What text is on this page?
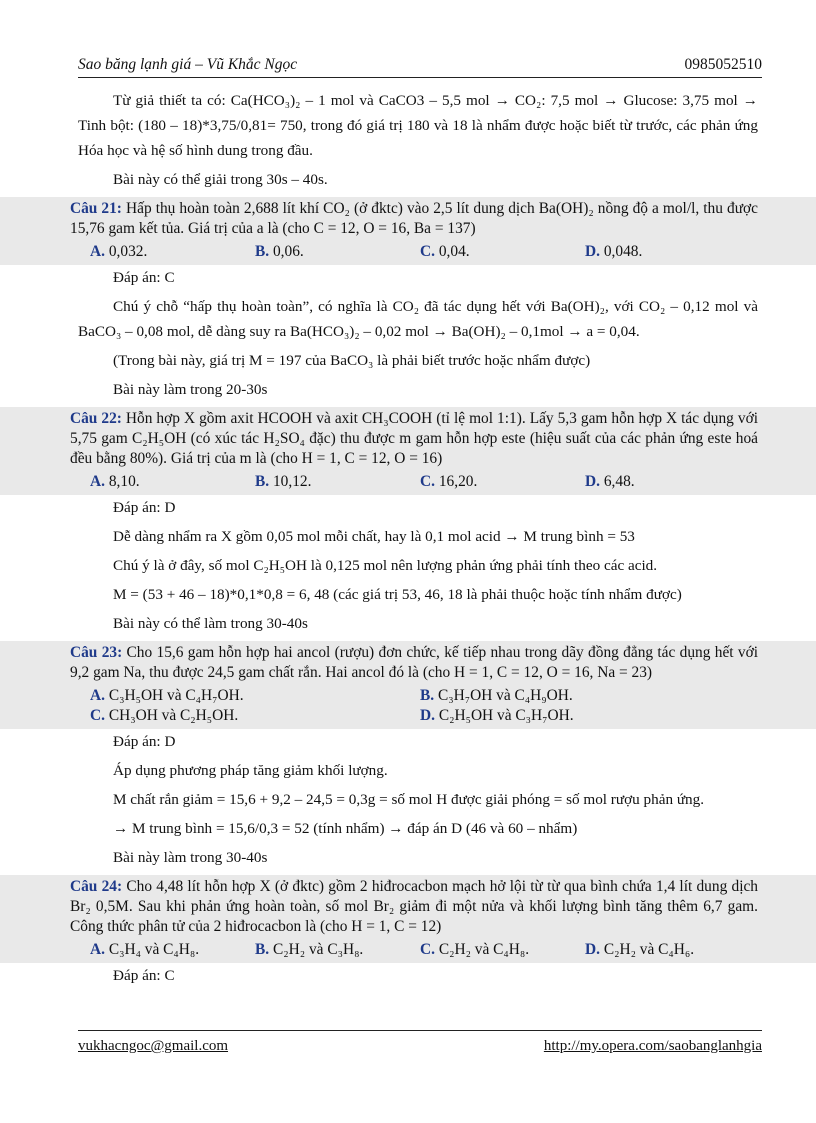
Sao băng lạnh giá – Vũ Khắc Ngọc	0985052510

Từ giả thiết ta có: Ca(HCO₃)₂ – 1 mol và CaCO3 – 5,5 mol → CO₂: 7,5 mol → Glucose: 3,75 mol → Tinh bột: (180 – 18)*3,75/0,81= 750, trong đó giá trị 180 và 18 là nhẩm được hoặc biết từ trước, các phản ứng Hóa học và hệ số hình dung trong đầu.

Bài này có thể giải trong 30s – 40s.

Câu 21: Hấp thụ hoàn toàn 2,688 lít khí CO₂ (ở đktc) vào 2,5 lít dung dịch Ba(OH)₂ nồng độ a mol/l, thu được 15,76 gam kết tủa. Giá trị của a là (cho C = 12, O = 16, Ba = 137)
A. 0,032.	B. 0,06.	C. 0,04.	D. 0,048.

Đáp án: C

Chú ý chỗ “hấp thụ hoàn toàn”, có nghĩa là CO₂ đã tác dụng hết với Ba(OH)₂, với CO₂ – 0,12 mol và BaCO₃ – 0,08 mol, dễ dàng suy ra Ba(HCO₃)₂ – 0,02 mol → Ba(OH)₂ – 0,1mol → a = 0,04.

(Trong bài này, giá trị M = 197 của BaCO₃ là phải biết trước hoặc nhẩm được)

Bài này làm trong 20-30s

Câu 22: Hỗn hợp X gồm axit HCOOH và axit CH₃COOH (tỉ lệ mol 1:1). Lấy 5,3 gam hỗn hợp X tác dụng với 5,75 gam C₂H₅OH (có xúc tác H₂SO₄ đặc) thu được m gam hỗn hợp este (hiệu suất của các phản ứng este hoá đều bằng 80%). Giá trị của m là (cho H = 1, C = 12, O = 16)
A. 8,10.	B. 10,12.	C. 16,20.	D. 6,48.

Đáp án: D

Dễ dàng nhẩm ra X gồm 0,05 mol mỗi chất, hay là 0,1 mol acid → M trung bình = 53

Chú ý là ở đây, số mol C₂H₅OH là 0,125 mol nên lượng phản ứng phải tính theo các acid.

M = (53 + 46 – 18)*0,1*0,8 = 6, 48 (các giá trị 53, 46, 18 là phải thuộc hoặc tính nhẩm được)

Bài này có thể làm trong 30-40s

Câu 23: Cho 15,6 gam hỗn hợp hai ancol (rượu) đơn chức, kế tiếp nhau trong dãy đồng đẳng tác dụng hết với 9,2 gam Na, thu được 24,5 gam chất rắn. Hai ancol đó là (cho H = 1, C = 12, O = 16, Na = 23)
A. C₃H₅OH và C₄H₇OH.	B. C₃H₇OH và C₄H₉OH.
C. CH₃OH và C₂H₅OH.	D. C₂H₅OH và C₃H₇OH.

Đáp án: D

Áp dụng phương pháp tăng giảm khối lượng.

M chất rắn giảm = 15,6 + 9,2 – 24,5 = 0,3g = số mol H được giải phóng = số mol rượu phản ứng.

→ M trung bình = 15,6/0,3 = 52 (tính nhẩm) → đáp án D (46 và 60 – nhẩm)

Bài này làm trong 30-40s

Câu 24: Cho 4,48 lít hỗn hợp X (ở đktc) gồm 2 hiđrocacbon mạch hở lội từ từ qua bình chứa 1,4 lít dung dịch Br₂ 0,5M. Sau khi phản ứng hoàn toàn, số mol Br₂ giảm đi một nửa và khối lượng bình tăng thêm 6,7 gam. Công thức phân tử của 2 hiđrocacbon là (cho H = 1, C = 12)
A. C₃H₄ và C₄H₈.	B. C₂H₂ và C₃H₈.	C. C₂H₂ và C₄H₈.	D. C₂H₂ và C₄H₆.

Đáp án: C

vukhacngoc@gmail.com	http://my.opera.com/saobanglanhgia
